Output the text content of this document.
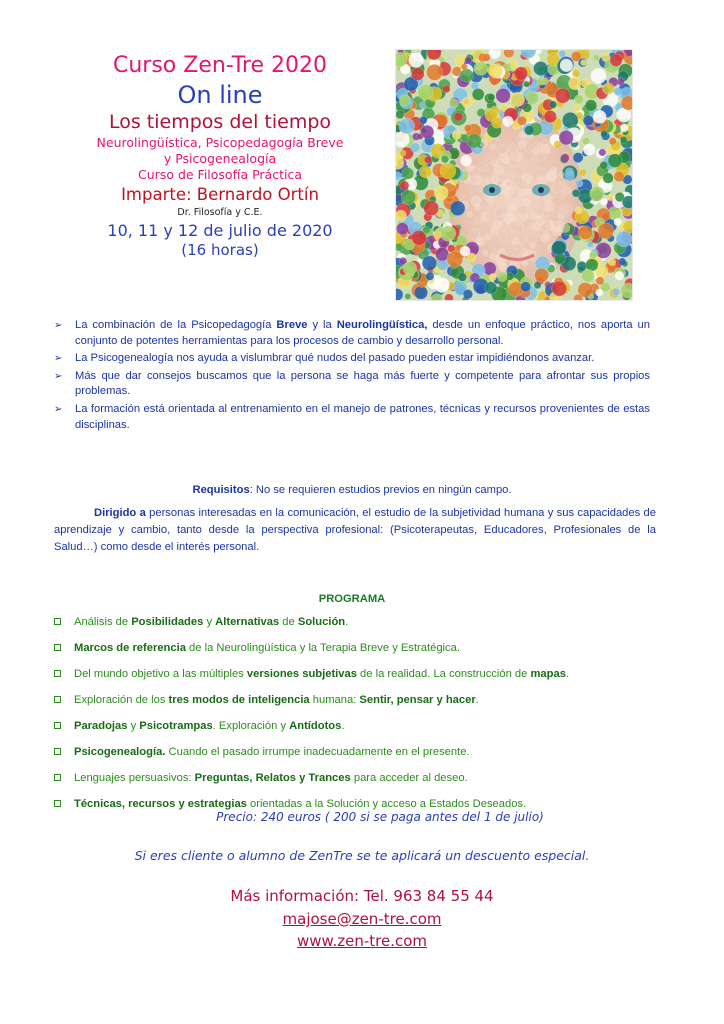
Curso Zen-Tre 2020
On line
Los tiempos del tiempo
Neurolingüística, Psicopedagogía Breve
y Psicogenealogía
Curso de Filosofía Práctica
Imparte: Bernardo Ortín
Dr. Filosofía y C.E.
10, 11 y 12 de julio de 2020
(16 horas)
➢ La combinación de la Psicopedagogía Breve y la Neurolingüística, desde un enfoque práctico, nos aporta un conjunto de potentes herramientas para los procesos de cambio y desarrollo personal.
➢ La Psicogenealogía nos ayuda a vislumbrar qué nudos del pasado pueden estar impidiéndonos avanzar.
➢ Más que dar consejos buscamos que la persona se haga más fuerte y competente para afrontar sus propios problemas.
➢ La formación está orientada al entrenamiento en el manejo de patrones, técnicas y recursos provenientes de estas disciplinas.
Requisitos: No se requieren estudios previos en ningún campo.
Dirigido a personas interesadas en la comunicación, el estudio de la subjetividad humana y sus capacidades de aprendizaje y cambio, tanto desde la perspectiva profesional: (Psicoterapeutas, Educadores, Profesionales de la Salud…) como desde el interés personal.
PROGRAMA
Análisis de Posibilidades y Alternativas de Solución.
Marcos de referencia de la Neurolingüística y la Terapia Breve y Estratégica.
Del mundo objetivo a las múltiples versiones subjetivas de la realidad. La construcción de mapas.
Exploración de los tres modos de inteligencia humana: Sentir, pensar y hacer.
Paradojas y Psicotrampas. Exploración y Antídotos.
Psicogenealogía. Cuando el pasado irrumpe inadecuadamente en el presente.
Lenguajes persuasivos: Preguntas, Relatos y Trances para acceder al deseo.
Técnicas, recursos y estrategias orientadas a la Solución y acceso a Estados Deseados.
Precio: 240 euros ( 200 si se paga antes del 1 de julio)
Si eres cliente o alumno de ZenTre se te aplicará un descuento especial.
Más información: Tel. 963 84 55 44
majose@zen-tre.com
www.zen-tre.com
